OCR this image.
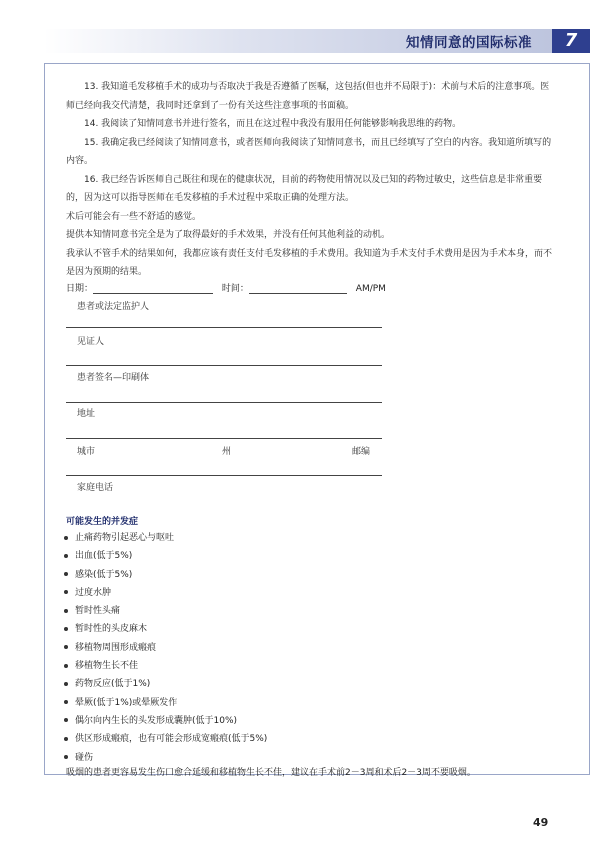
知情同意的国际标准	7

13. 我知道毛发移植手术的成功与否取决于我是否遵循了医嘱，这包括(但也并不局限于)：术前与术后的注意事项。医师已经向我交代清楚，我同时还拿到了一份有关这些注意事项的书面稿。

14. 我阅读了知情同意书并进行签名，而且在这过程中我没有服用任何能够影响我思维的药物。

15. 我确定我已经阅读了知情同意书，或者医师向我阅读了知情同意书，而且已经填写了空白的内容。我知道所填写的内容。

16. 我已经告诉医师自己既往和现在的健康状况，目前的药物使用情况以及已知的药物过敏史，这些信息是非常重要的，因为这可以指导医师在毛发移植的手术过程中采取正确的处理方法。

术后可能会有一些不舒适的感觉。

提供本知情同意书完全是为了取得最好的手术效果，并没有任何其他利益的动机。

我承认不管手术的结果如何，我都应该有责任支付毛发移植的手术费用。我知道为手术支付手术费用是因为手术本身，而不是因为预期的结果。

日期：	时间：	AM/PM
患者或法定监护人
见证人
患者签名—印刷体
地址
城市	州	邮编
家庭电话
可能发生的并发症
止痛药物引起恶心与呕吐
出血(低于5%)
感染(低于5%)
过度水肿
暂时性头痛
暂时性的头皮麻木
移植物周围形成瘢痕
移植物生长不佳
药物反应(低于1%)
晕厥(低于1%)或晕厥发作
偶尔向内生长的头发形成囊肿(低于10%)
供区形成瘢痕，也有可能会形成宽瘢痕(低于5%)
碰伤
吸烟的患者更容易发生伤口愈合延缓和移植物生长不佳，建议在手术前2－3周和术后2－3周不要吸烟。
49
